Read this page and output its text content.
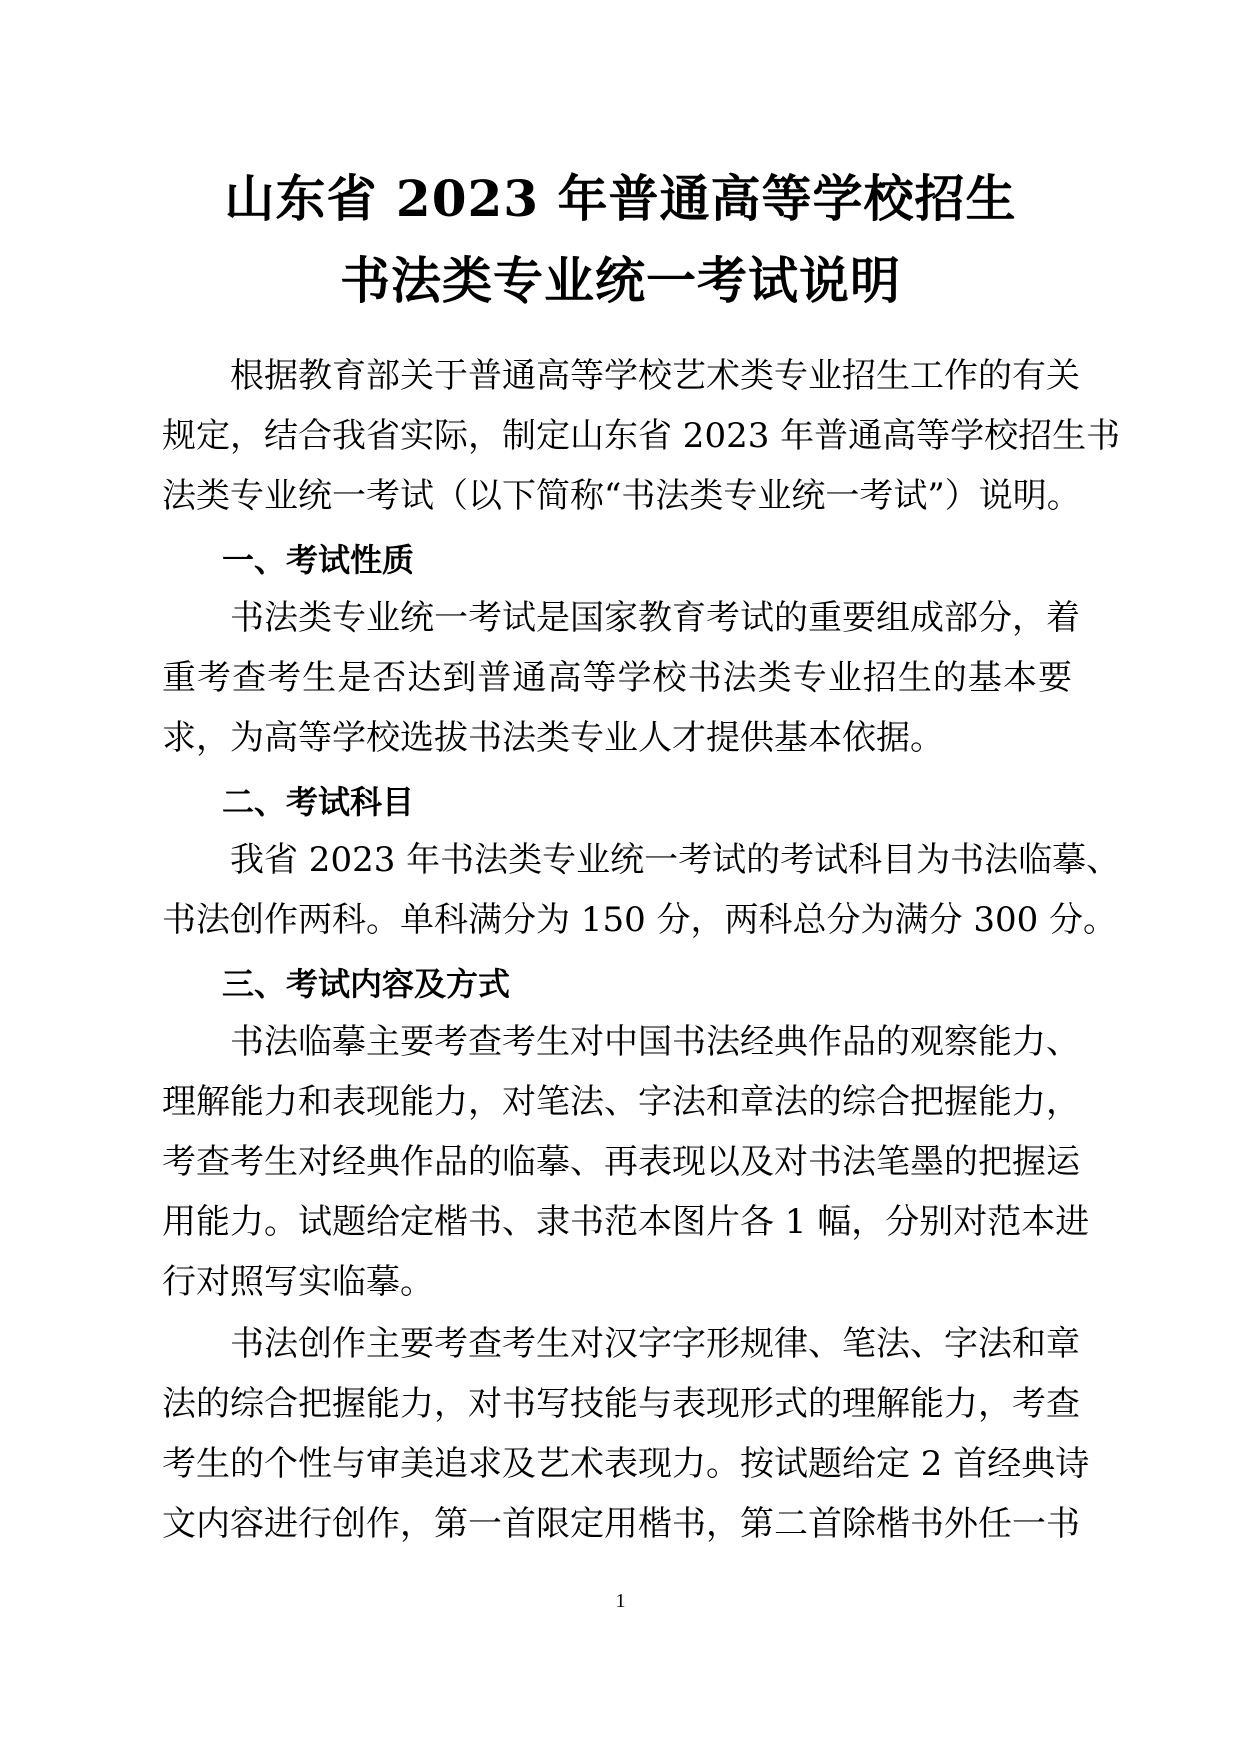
山东省 2023 年普通高等学校招生
书法类专业统一考试说明
根据教育部关于普通高等学校艺术类专业招生工作的有关
规定，结合我省实际，制定山东省 2023 年普通高等学校招生书
法类专业统一考试（以下简称“书法类专业统一考试”）说明。
一、考试性质
书法类专业统一考试是国家教育考试的重要组成部分，着
重考查考生是否达到普通高等学校书法类专业招生的基本要
求，为高等学校选拔书法类专业人才提供基本依据。
二、考试科目
我省 2023 年书法类专业统一考试的考试科目为书法临摹、
书法创作两科。单科满分为 150 分，两科总分为满分 300 分。
三、考试内容及方式
书法临摹主要考查考生对中国书法经典作品的观察能力、
理解能力和表现能力，对笔法、字法和章法的综合把握能力，
考查考生对经典作品的临摹、再表现以及对书法笔墨的把握运
用能力。试题给定楷书、隶书范本图片各 1 幅，分别对范本进
行对照写实临摹。
书法创作主要考查考生对汉字字形规律、笔法、字法和章
法的综合把握能力，对书写技能与表现形式的理解能力，考查
考生的个性与审美追求及艺术表现力。按试题给定 2 首经典诗
文内容进行创作，第一首限定用楷书，第二首除楷书外任一书
1
